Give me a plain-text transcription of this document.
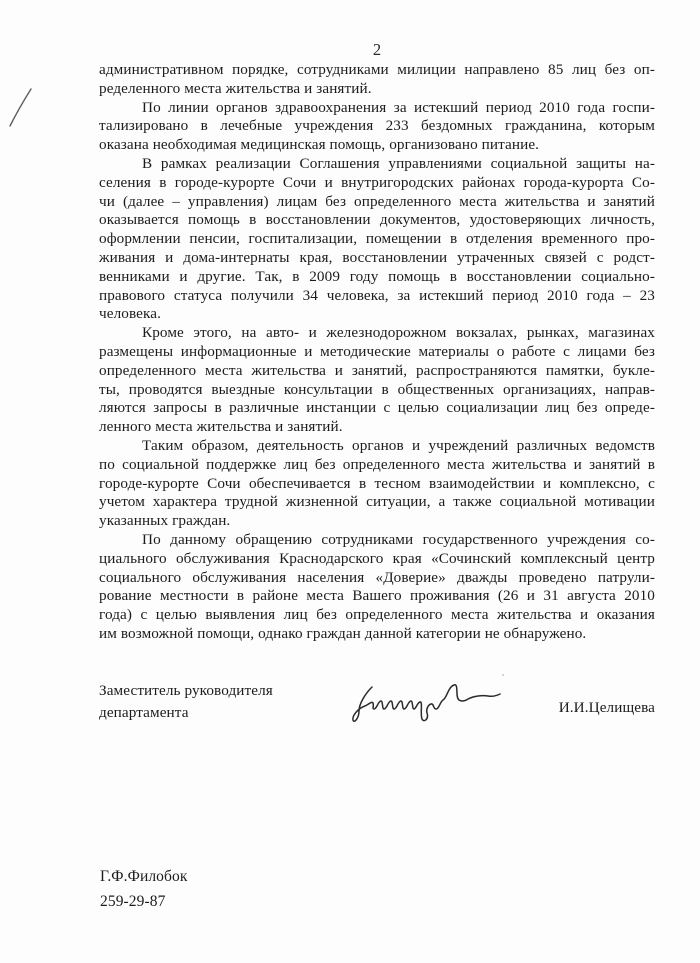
2
административном порядке, сотрудниками милиции направлено 85 лиц без оп-
ределенного места жительства и занятий.
По линии органов здравоохранения за истекший период 2010 года госпи-
тализировано в лечебные учреждения 233 бездомных гражданина, которым
оказана необходимая медицинская помощь, организовано питание.
В рамках реализации Соглашения управлениями социальной защиты на-
селения в городе-курорте Сочи и внутригородских районах города-курорта Со-
чи (далее – управления) лицам без определенного места жительства и занятий
оказывается помощь в восстановлении документов, удостоверяющих личность,
оформлении пенсии, госпитализации, помещении в отделения временного про-
живания и дома-интернаты края, восстановлении утраченных связей с родст-
венниками и другие. Так, в 2009 году помощь в восстановлении социально-
правового статуса получили 34 человека, за истекший период 2010 года – 23
человека.
Кроме этого, на авто- и железнодорожном вокзалах, рынках, магазинах
размещены информационные и методические материалы о работе с лицами без
определенного места жительства и занятий, распространяются памятки, букле-
ты, проводятся выездные консультации в общественных организациях, направ-
ляются запросы в различные инстанции с целью социализации лиц без опреде-
ленного места жительства и занятий.
Таким образом, деятельность органов и учреждений различных ведомств
по социальной поддержке лиц без определенного места жительства и занятий в
городе-курорте Сочи обеспечивается в тесном взаимодействии и комплексно, с
учетом характера трудной жизненной ситуации, а также социальной мотивации
указанных граждан.
По данному обращению сотрудниками государственного учреждения со-
циального обслуживания Краснодарского края «Сочинский комплексный центр
социального обслуживания населения «Доверие» дважды проведено патрули-
рование местности в районе места Вашего проживания (26 и 31 августа 2010
года) с целью выявления лиц без определенного места жительства и оказания
им возможной помощи, однако граждан данной категории не обнаружено.
Заместитель руководителя
департамента	И.И.Целищева
Г.Ф.Филобок
259-29-87
